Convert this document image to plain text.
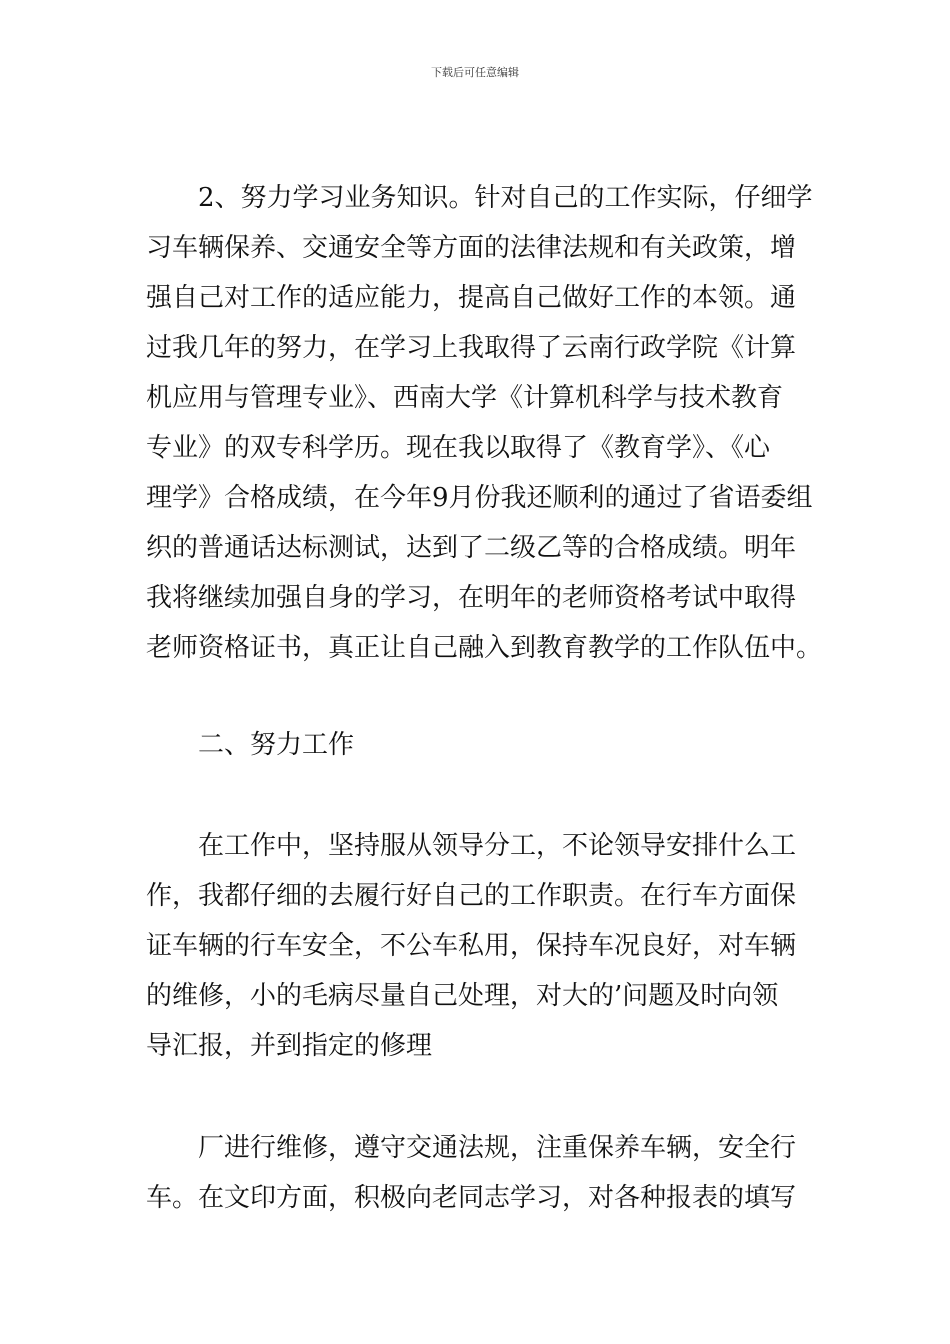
下载后可任意编辑
2、努力学习业务知识。针对自己的工作实际，仔细学
习车辆保养、交通安全等方面的法律法规和有关政策，增
强自己对工作的适应能力，提高自己做好工作的本领。通
过我几年的努力，在学习上我取得了云南行政学院《计算
机应用与管理专业》、西南大学《计算机科学与技术教育
专业》的双专科学历。现在我以取得了《教育学》、《心
理学》合格成绩，在今年9月份我还顺利的通过了省语委组
织的普通话达标测试，达到了二级乙等的合格成绩。明年
我将继续加强自身的学习，在明年的老师资格考试中取得
老师资格证书，真正让自己融入到教育教学的工作队伍中。
二、努力工作
在工作中，坚持服从领导分工，不论领导安排什么工
作，我都仔细的去履行好自己的工作职责。在行车方面保
证车辆的行车安全，不公车私用，保持车况良好，对车辆
的维修，小的毛病尽量自己处理，对大的’问题及时向领
导汇报，并到指定的修理
厂进行维修，遵守交通法规，注重保养车辆，安全行
车。在文印方面，积极向老同志学习，对各种报表的填写
